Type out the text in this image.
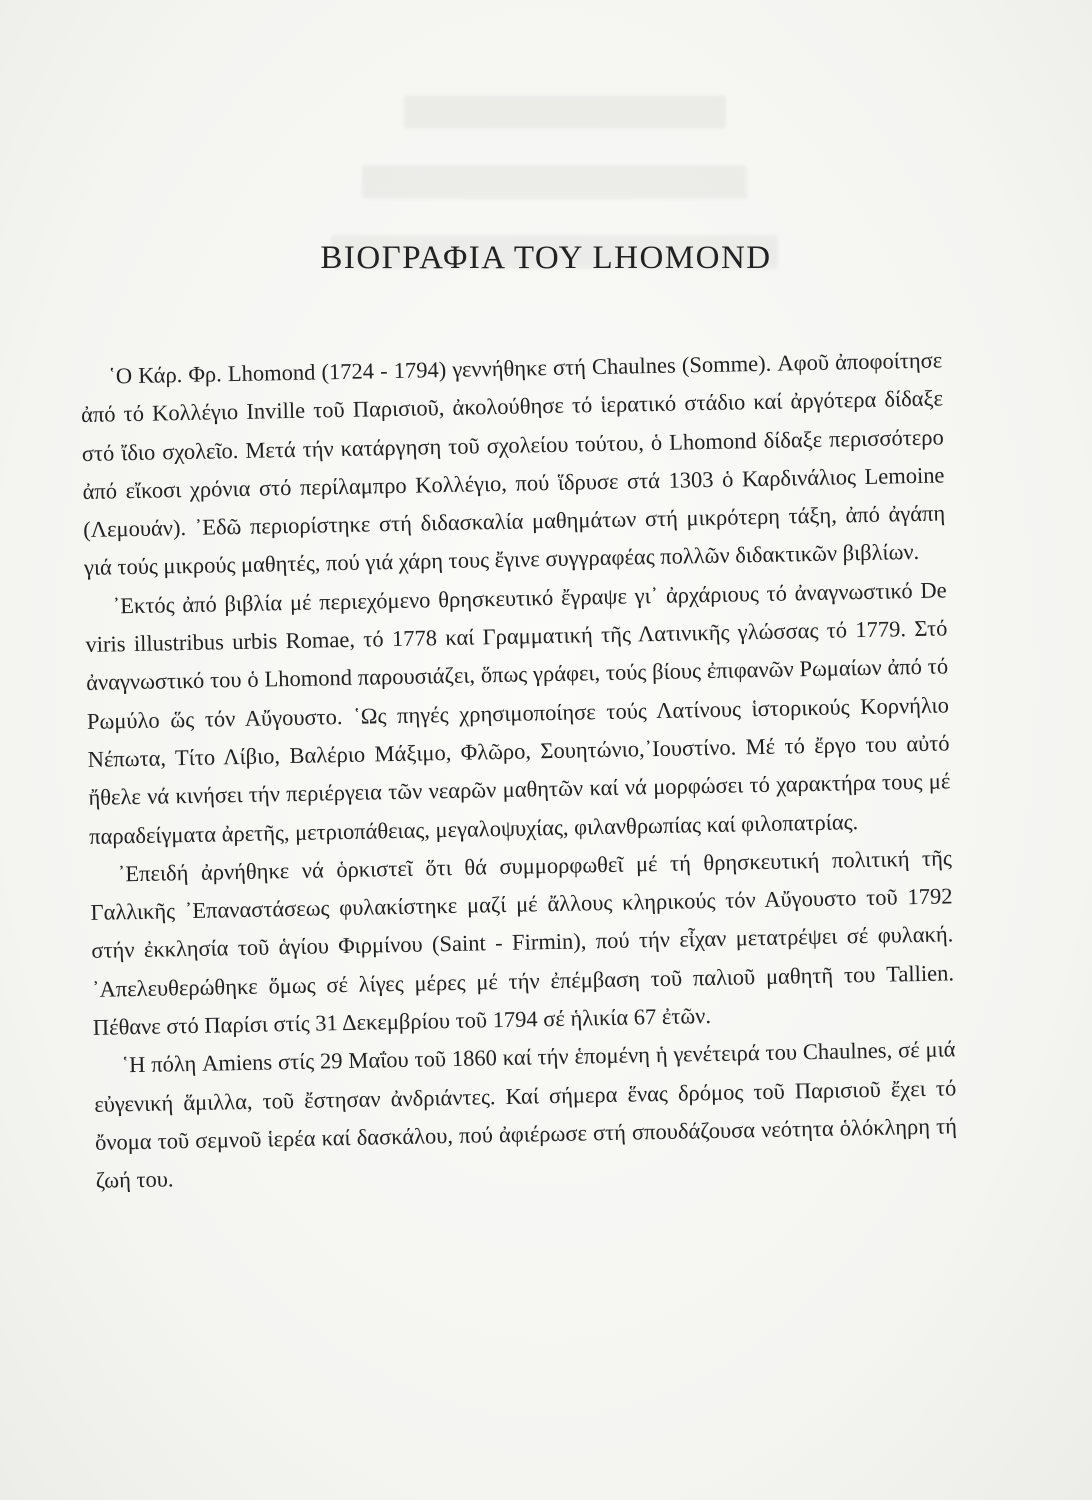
ΒΙΟΓΡΑΦΙΑ ΤΟΥ LHOMOND

῾Ο Κάρ. Φρ. Lhomond (1724 - 1794) γεννήθηκε στή Chaulnes (Somme). Αφοῦ ἀποφοίτησε ἀπό τό Κολλέγιο Inville τοῦ Παρισιοῦ, ἀκολούθησε τό ἱερατικό στάδιο καί ἀργότερα δίδαξε στό ἴδιο σχολεῖο. Μετά τήν κατάργηση τοῦ σχολείου τούτου, ὁ Lhomond δίδαξε περισσότερο ἀπό εἴκοσι χρόνια στό περίλαμπρο Κολλέγιο, πού ἵδρυσε στά 1303 ὁ Καρδινάλιος Lemoine (Λεμουάν). ᾿Εδῶ περιορίστηκε στή διδασκαλία μαθημάτων στή μικρότερη τάξη, ἀπό ἀγάπη γιά τούς μικρούς μαθητές, πού γιά χάρη τους ἔγινε συγγραφέας πολλῶν διδακτικῶν βιβλίων.

᾿Εκτός ἀπό βιβλία μέ περιεχόμενο θρησκευτικό ἔγραψε γι᾿ ἀρχάριους τό ἀναγνωστικό De viris illustribus urbis Romae, τό 1778 καί Γραμματική τῆς Λατινικῆς γλώσσας τό 1779. Στό ἀναγνωστικό του ὁ Lhomond παρουσιάζει, ὅπως γράφει, τούς βίους ἐπιφανῶν Ρωμαίων ἀπό τό Ρωμύλο ὥς τόν Αὔγουστο. ῾Ως πηγές χρησιμοποίησε τούς Λατίνους ἱστορικούς Κορνήλιο Νέπωτα, Τίτο Λίβιο, Βαλέριο Μάξιμο, Φλῶρο, Σουητώνιο,᾿Ιουστίνο. Μέ τό ἔργο του αὐτό ἤθελε νά κινήσει τήν περιέργεια τῶν νεαρῶν μαθητῶν καί νά μορφώσει τό χαρακτήρα τους μέ παραδείγματα ἀρετῆς, μετριοπάθειας, μεγαλοψυχίας, φιλανθρωπίας καί φιλοπατρίας.

᾿Επειδή ἀρνήθηκε νά ὁρκιστεῖ ὅτι θά συμμορφωθεῖ μέ τή θρησκευτική πολιτική τῆς Γαλλικῆς ᾿Επαναστάσεως φυλακίστηκε μαζί μέ ἄλλους κληρικούς τόν Αὔγουστο τοῦ 1792 στήν ἐκκλησία τοῦ ἁγίου Φιρμίνου (Saint - Firmin), πού τήν εἶχαν μετατρέψει σέ φυλακή. ᾿Απελευθερώθηκε ὅμως σέ λίγες μέρες μέ τήν ἐπέμβαση τοῦ παλιοῦ μαθητῆ του Tallien. Πέθανε στό Παρίσι στίς 31 Δεκεμβρίου τοῦ 1794 σέ ἡλικία 67 ἐτῶν.

῾Η πόλη Amiens στίς 29 Μαΐου τοῦ 1860 καί τήν ἑπομένη ἡ γενέτειρά του Chaulnes, σέ μιά εὐγενική ἅμιλλα, τοῦ ἔστησαν ἀνδριάντες. Καί σήμερα ἕνας δρόμος τοῦ Παρισιοῦ ἔχει τό ὄνομα τοῦ σεμνοῦ ἱερέα καί δασκάλου, πού ἀφιέρωσε στή σπουδάζουσα νεότητα ὁλόκληρη τή ζωή του.
